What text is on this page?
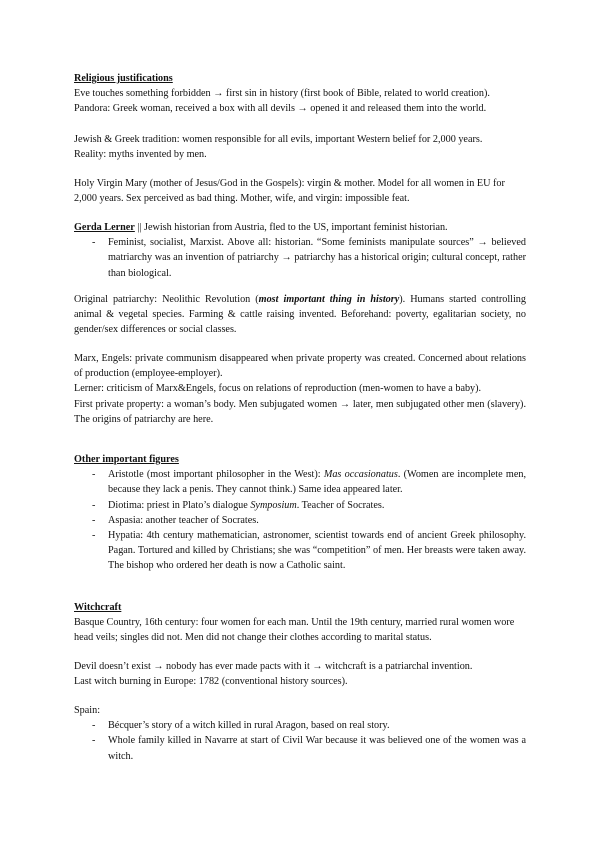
Religious justifications

Eve touches something forbidden → first sin in history (first book of Bible, related to world creation).

Pandora: Greek woman, received a box with all devils → opened it and released them into the world.

Jewish & Greek tradition: women responsible for all evils, important Western belief for 2,000 years.

Reality: myths invented by men.

Holy Virgin Mary (mother of Jesus/God in the Gospels): virgin & mother. Model for all women in EU for 2,000 years. Sex perceived as bad thing. Mother, wife, and virgin: impossible feat.

Gerda Lerner || Jewish historian from Austria, fled to the US, important feminist historian.

- Feminist, socialist, Marxist. Above all: historian. “Some feminists manipulate sources” → believed matriarchy was an invention of patriarchy → patriarchy has a historical origin; cultural concept, rather than biological.

Original patriarchy: Neolithic Revolution (most important thing in history). Humans started controlling animal & vegetal species. Farming & cattle raising invented. Beforehand: poverty, egalitarian society, no gender/sex differences or social classes.

Marx, Engels: private communism disappeared when private property was created. Concerned about relations of production (employee-employer).

Lerner: criticism of Marx&Engels, focus on relations of reproduction (men-women to have a baby).

First private property: a woman’s body. Men subjugated women → later, men subjugated other men (slavery). The origins of patriarchy are here.

Other important figures
- Aristotle (most important philosopher in the West): Mas occasionatus. (Women are incomplete men, because they lack a penis. They cannot think.) Same idea appeared later.
- Diotima: priest in Plato’s dialogue Symposium. Teacher of Socrates.
- Aspasia: another teacher of Socrates.
- Hypatia: 4th century mathematician, astronomer, scientist towards end of ancient Greek philosophy. Pagan. Tortured and killed by Christians; she was “competition” of men. Her breasts were taken away. The bishop who ordered her death is now a Catholic saint.
Witchcraft

Basque Country, 16th century: four women for each man. Until the 19th century, married rural women wore head veils; singles did not. Men did not change their clothes according to marital status.

Devil doesn’t exist → nobody has ever made pacts with it → witchcraft is a patriarchal invention.

Last witch burning in Europe: 1782 (conventional history sources).

Spain:

- Bécquer’s story of a witch killed in rural Aragon, based on real story.
- Whole family killed in Navarre at start of Civil War because it was believed one of the women was a witch.
